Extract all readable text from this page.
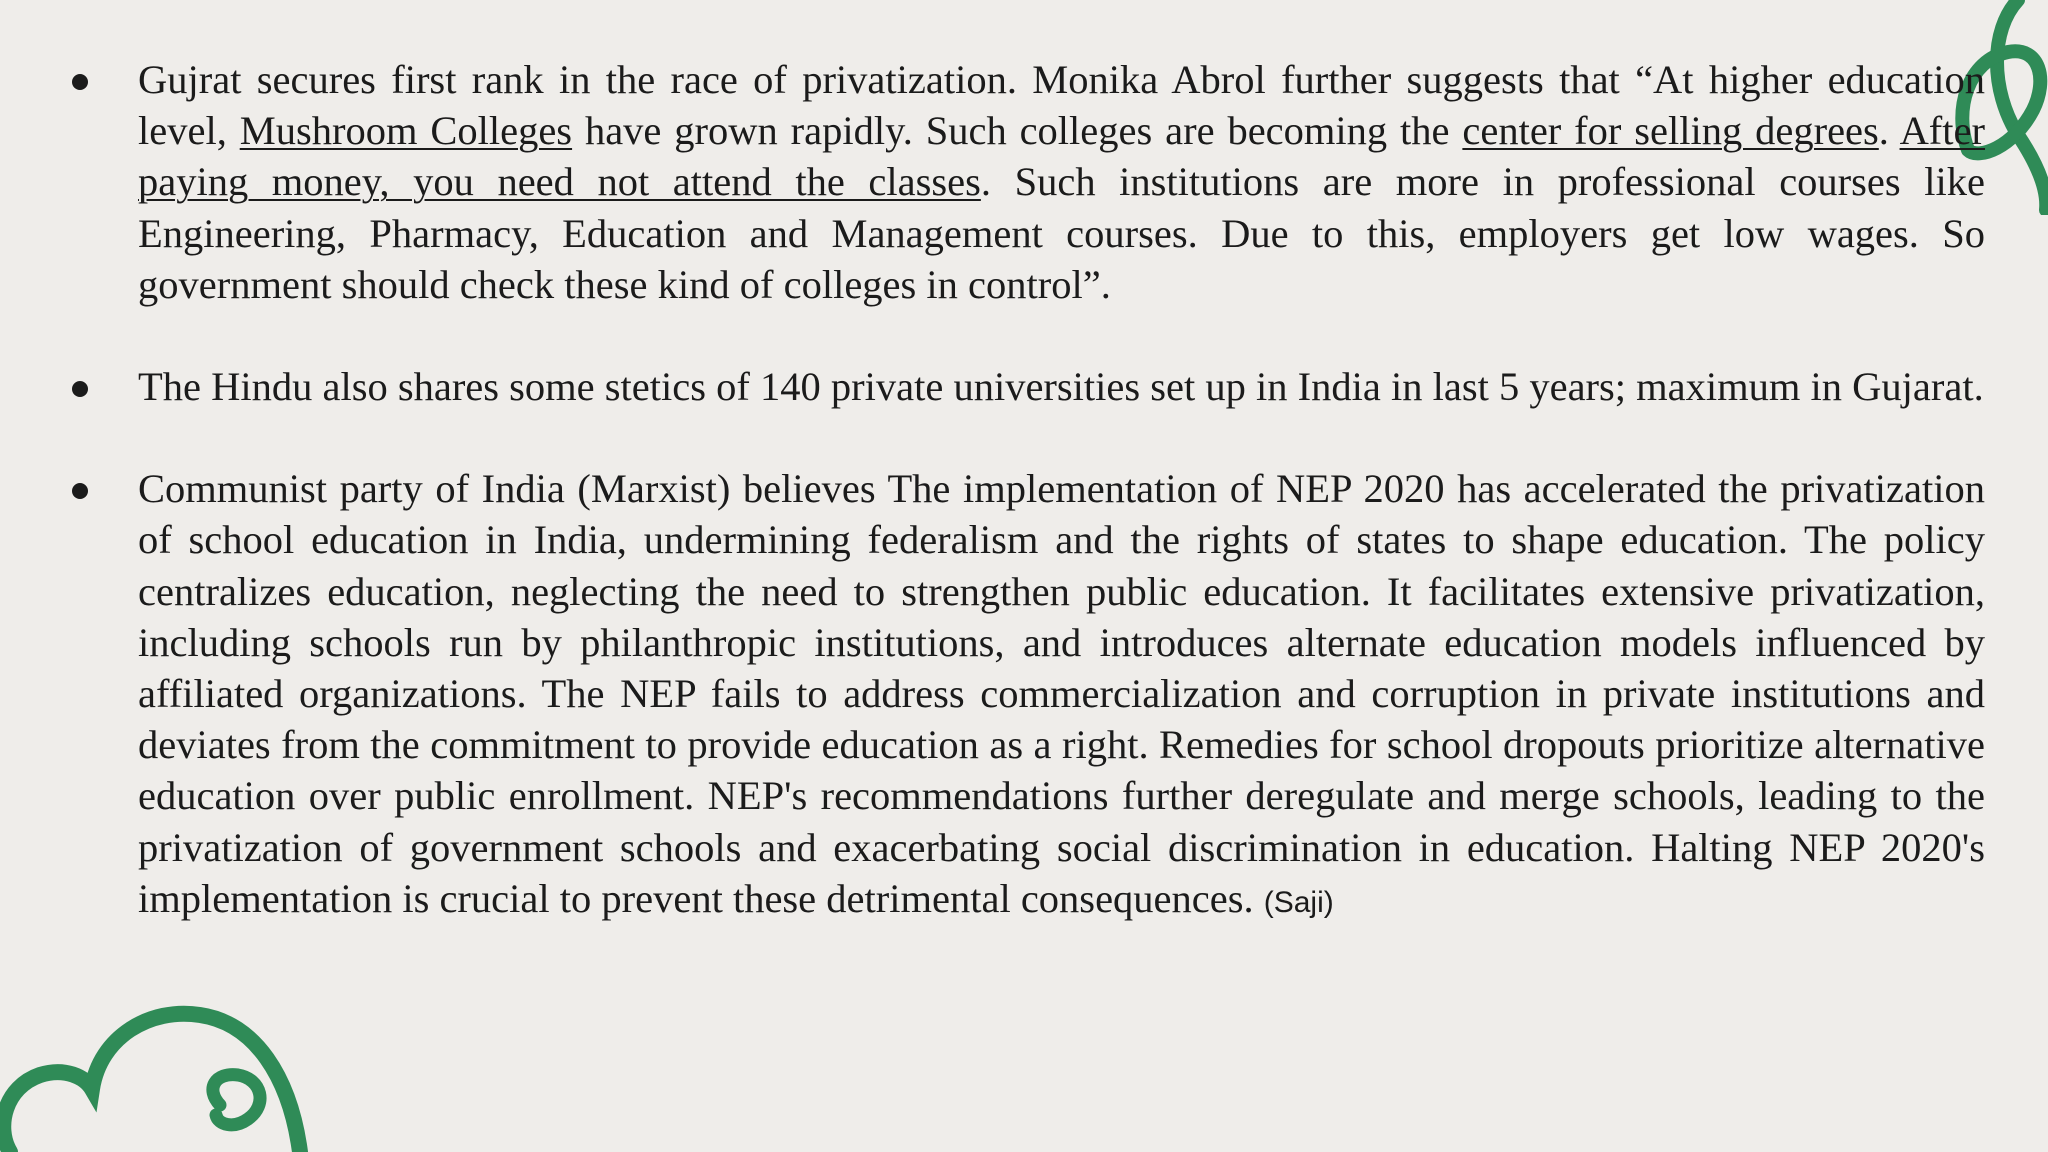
Gujrat secures first rank in the race of privatization. Monika Abrol further suggests that “At higher education level, Mushroom Colleges have grown rapidly. Such colleges are becoming the center for selling degrees. After paying money, you need not attend the classes. Such institutions are more in professional courses like Engineering, Pharmacy, Education and Management courses. Due to this, employers get low wages. So government should check these kind of colleges in control”.

The Hindu also shares some stetics of 140 private universities set up in India in last 5 years; maximum in Gujarat.

Communist party of India (Marxist) believes The implementation of NEP 2020 has accelerated the privatization of school education in India, undermining federalism and the rights of states to shape education. The policy centralizes education, neglecting the need to strengthen public education. It facilitates extensive privatization, including schools run by philanthropic institutions, and introduces alternate education models influenced by affiliated organizations. The NEP fails to address commercialization and corruption in private institutions and deviates from the commitment to provide education as a right. Remedies for school dropouts prioritize alternative education over public enrollment. NEP's recommendations further deregulate and merge schools, leading to the privatization of government schools and exacerbating social discrimination in education. Halting NEP 2020's implementation is crucial to prevent these detrimental consequences. (Saji)
